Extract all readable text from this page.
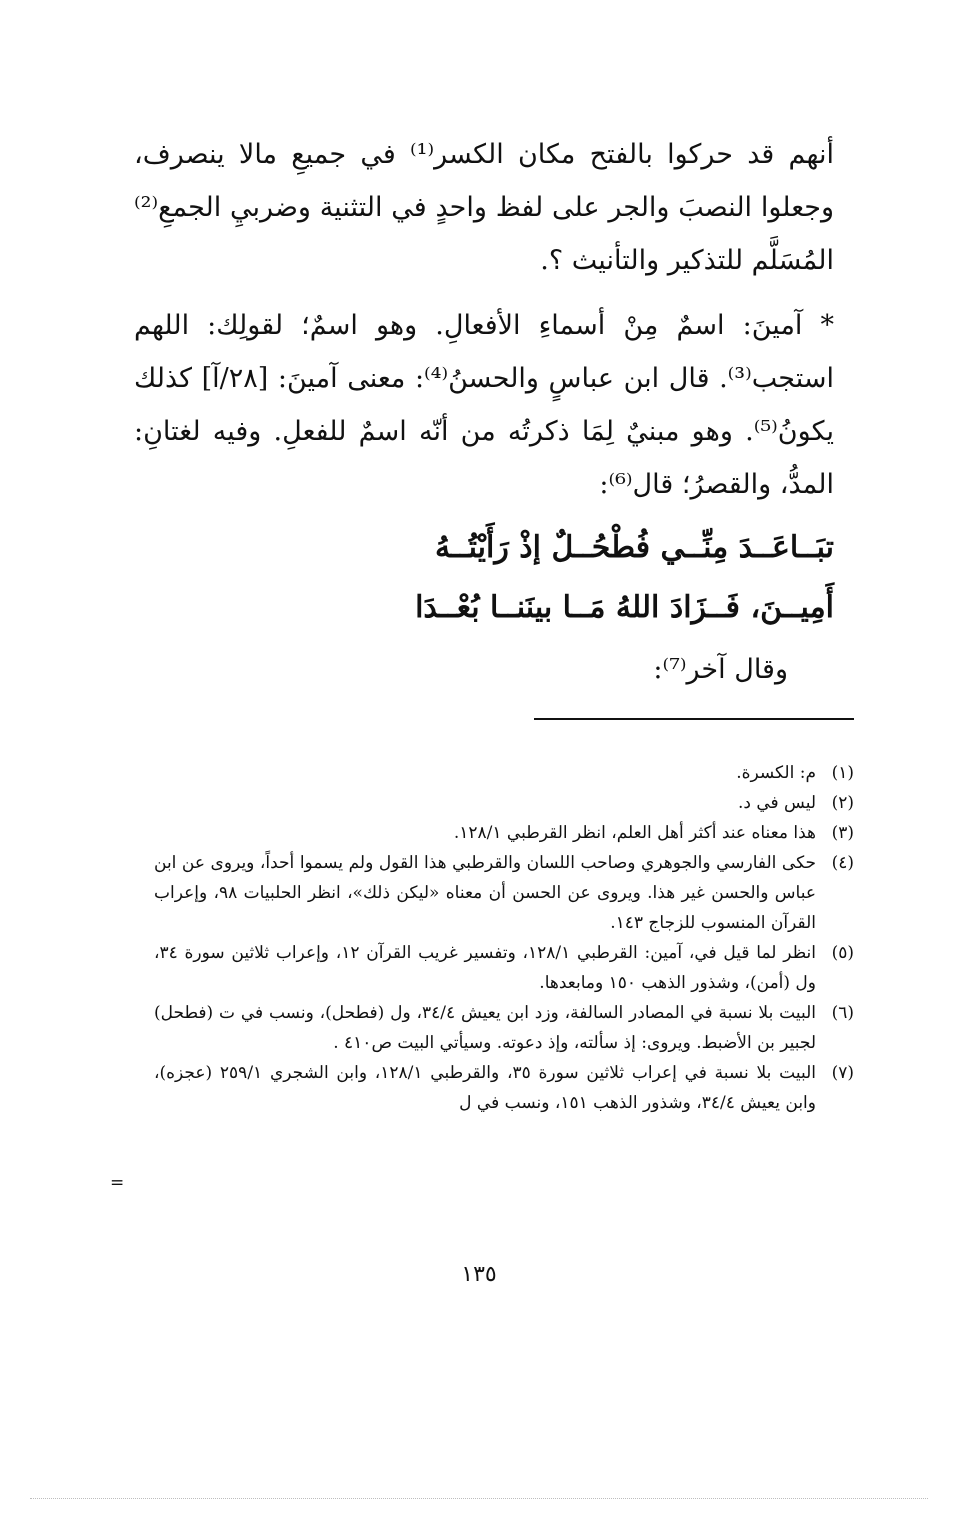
أنهم قد حركوا بالفتح مكان الكسر⁽¹⁾ في جميعِ مالا ينصرف، وجعلوا النصبَ والجر على لفظ واحدٍ في التثنية وضربيِ الجمعِ⁽²⁾ المُسَلَّم للتذكير والتأنيث ؟.

* آمينَ: اسمٌ مِنْ أسماءِ الأفعالِ. وهو اسمٌ؛ لقولِك: اللهم استجب⁽³⁾. قال ابن عباسٍ والحسنُ⁽⁴⁾: معنى آمينَ: [٢٨/آ] كذلك يكونُ⁽⁵⁾. وهو مبنيٌ لِمَا ذكرتُه من أنّه اسمٌ للفعلِ. وفيه لغتانِ: المدُّ، والقصرُ؛ قال⁽⁶⁾:

تبَــاعَــدَ مِنِّــي فُطْحُــلٌ إذْ رَأَيْتُــهُ
أَمِيــنَ، فَــزَادَ اللهُ مَــا بينَنــا بُعْــدَا
وقال آخر⁽⁷⁾:
(١)
م: الكسرة.
(٢)
ليس في د.
(٣)
هذا معناه عند أكثر أهل العلم، انظر القرطبي ١٢٨/١.
(٤)
حكى الفارسي والجوهري وصاحب اللسان والقرطبي هذا القول ولم يسموا أحداً، ويروى عن ابن عباس والحسن غير هذا. ويروى عن الحسن أن معناه «ليكن ذلك»، انظر الحلبيات ٩٨، وإعراب القرآن المنسوب للزجاج ١٤٣.
(٥)
انظر لما قيل في، آمين: القرطبي ١٢٨/١، وتفسير غريب القرآن ١٢، وإعراب ثلاثين سورة ٣٤، ول (أمن)، وشذور الذهب ١٥٠ ومابعدها.
(٦)
البيت بلا نسبة في المصادر السالفة، وزد ابن يعيش ٣٤/٤، ول (فطحل)، ونسب في ت (فطحل) لجبير بن الأضبط. ويروى: إذ سألته، وإذ دعوته. وسيأتي البيت ص٤١٠ .
(٧)
البيت بلا نسبة في إعراب ثلاثين سورة ٣٥، والقرطبي ١٢٨/١، وابن الشجري ٢٥٩/١ (عجزه)، وابن يعيش ٣٤/٤، وشذور الذهب ١٥١، ونسب في ل
=
١٣٥
